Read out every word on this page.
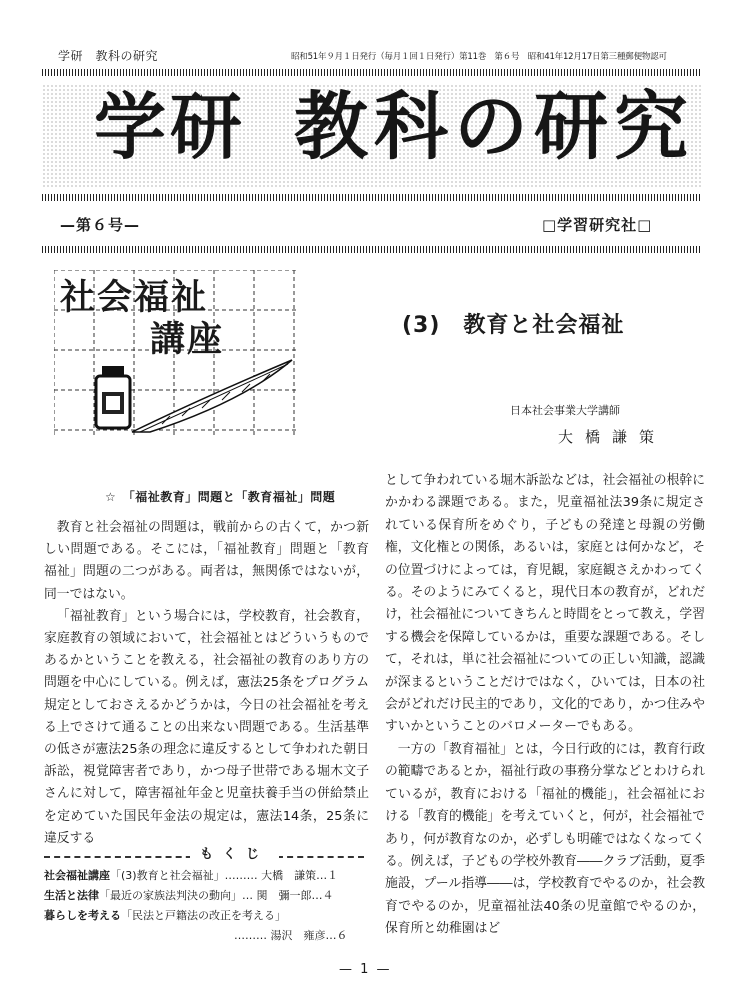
学研　教科の研究	昭和51年９月１日発行（毎月１回１日発行）第11巻　第６号　昭和41年12月17日第三種郵便物認可
学研 教科の研究
—第６号—	□学習研究社□
社会福祉
講座	(3)　教育と社会福祉
日本社会事業大学講師
大橋謙策
☆　「福祉教育」問題と「教育福祉」問題

教育と社会福祉の問題は，戦前からの古くて，かつ新しい問題である。そこには，「福祉教育」問題と「教育福祉」問題の二つがある。両者は，無関係ではないが，同一ではない。

「福祉教育」という場合には，学校教育，社会教育，家庭教育の領域において，社会福祉とはどういうものであるかということを教える，社会福祉の教育のあり方の問題を中心にしている。例えば，憲法25条をプログラム規定としておさえるかどうかは，今日の社会福祉を考える上でさけて通ることの出来ない問題である。生活基準の低さが憲法25条の理念に違反するとして争われた朝日訴訟，視覚障害者であり，かつ母子世帯である堀木文子さんに対して，障害福祉年金と児童扶養手当の併給禁止を定めていた国民年金法の規定は，憲法14条，25条に違反する

として争われている堀木訴訟などは，社会福祉の根幹にかかわる課題である。また，児童福祉法39条に規定されている保育所をめぐり，子どもの発達と母親の労働権，文化権との関係，あるいは，家庭とは何かなど，その位置づけによっては，育児観，家庭観さえかわってくる。そのようにみてくると，現代日本の教育が，どれだけ，社会福祉についてきちんと時間をとって教え，学習する機会を保障しているかは，重要な課題である。そして，それは，単に社会福祉についての正しい知識，認識が深まるということだけではなく，ひいては，日本の社会がどれだけ民主的であり，文化的であり，かつ住みやすいかということのバロメーターでもある。

一方の「教育福祉」とは，今日行政的には，教育行政の範疇であるとか，福祉行政の事務分掌などとわけられているが，教育における「福祉的機能」，社会福祉における「教育的機能」を考えていくと，何が，社会福祉であり，何が教育なのか，必ずしも明確ではなくなってくる。例えば，子どもの学校外教育――クラブ活動，夏季施設，プール指導――は，学校教育でやるのか，社会教育でやるのか，児童福祉法40条の児童館でやるのか，保育所と幼稚園はど

もくじ
社会福祉講座「(3)教育と社会福祉」……… 大橋　謙策…１
生活と法律「最近の家族法判決の動向」… 関　彌一郎…４
暮らしを考える「民法と戸籍法の改正を考える」
……… 湯沢　雍彦…６
— 1 —
